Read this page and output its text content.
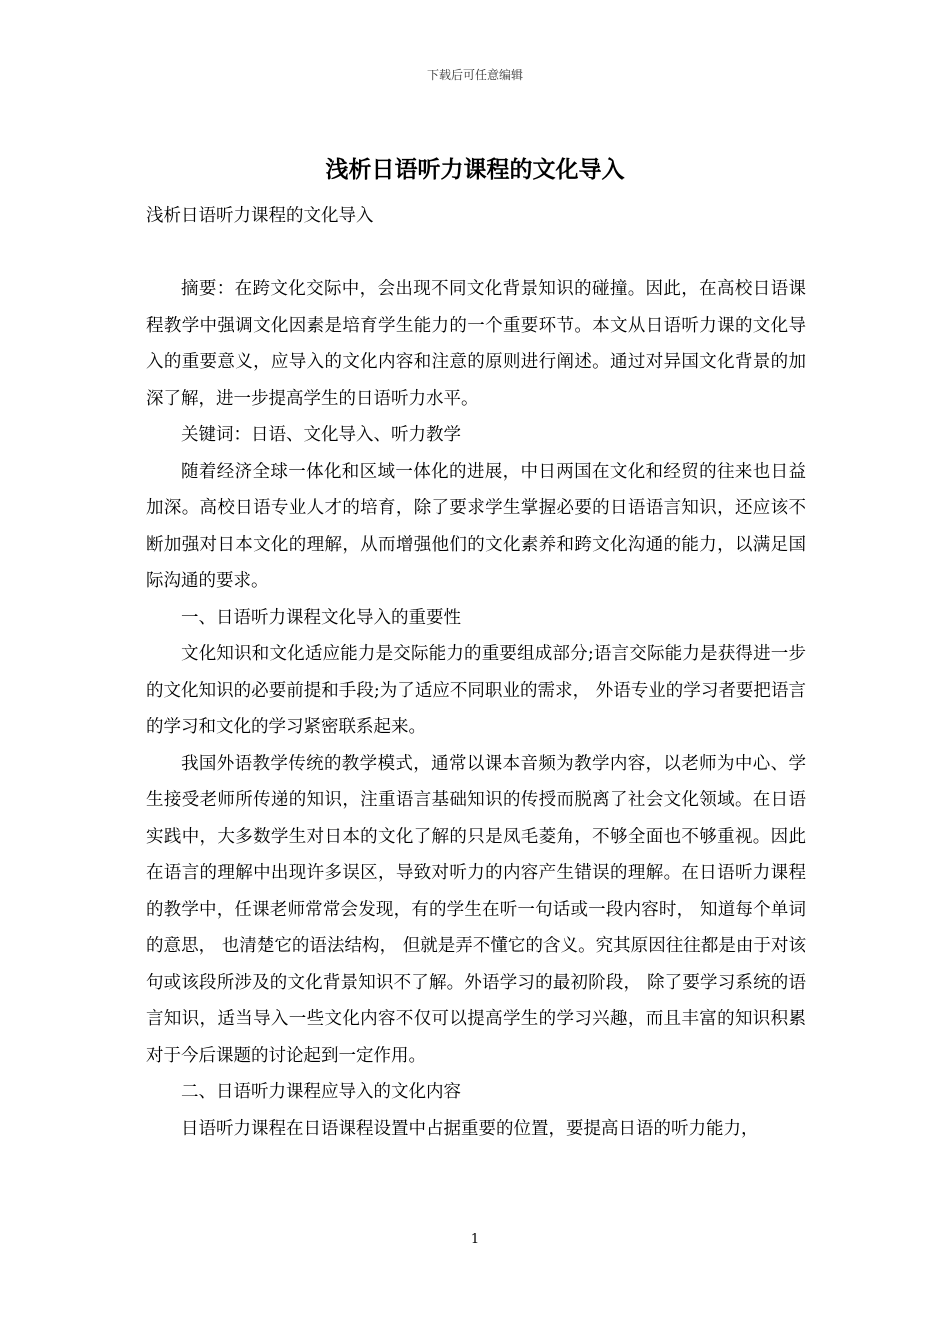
下载后可任意编辑
浅析日语听力课程的文化导入

浅析日语听力课程的文化导入

摘要：在跨文化交际中，会出现不同文化背景知识的碰撞。因此，在高校日语课程教学中强调文化因素是培育学生能力的一个重要环节。本文从日语听力课的文化导入的重要意义，应导入的文化内容和注意的原则进行阐述。通过对异国文化背景的加深了解，进一步提高学生的日语听力水平。

关键词：日语、文化导入、听力教学

随着经济全球一体化和区域一体化的进展，中日两国在文化和经贸的往来也日益加深。高校日语专业人才的培育，除了要求学生掌握必要的日语语言知识，还应该不断加强对日本文化的理解，从而增强他们的文化素养和跨文化沟通的能力，以满足国际沟通的要求。

一、日语听力课程文化导入的重要性

文化知识和文化适应能力是交际能力的重要组成部分;语言交际能力是获得进一步的文化知识的必要前提和手段;为了适应不同职业的需求， 外语专业的学习者要把语言的学习和文化的学习紧密联系起来。

我国外语教学传统的教学模式，通常以课本音频为教学内容，以老师为中心、学生接受老师所传递的知识，注重语言基础知识的传授而脱离了社会文化领域。在日语实践中，大多数学生对日本的文化了解的只是凤毛菱角，不够全面也不够重视。因此在语言的理解中出现许多误区，导致对听力的内容产生错误的理解。在日语听力课程的教学中，任课老师常常会发现，有的学生在听一句话或一段内容时， 知道每个单词的意思， 也清楚它的语法结构， 但就是弄不懂它的含义。究其原因往往都是由于对该句或该段所涉及的文化背景知识不了解。外语学习的最初阶段， 除了要学习系统的语言知识，适当导入一些文化内容不仅可以提高学生的学习兴趣，而且丰富的知识积累对于今后课题的讨论起到一定作用。

二、日语听力课程应导入的文化内容

日语听力课程在日语课程设置中占据重要的位置，要提高日语的听力能力，

1
